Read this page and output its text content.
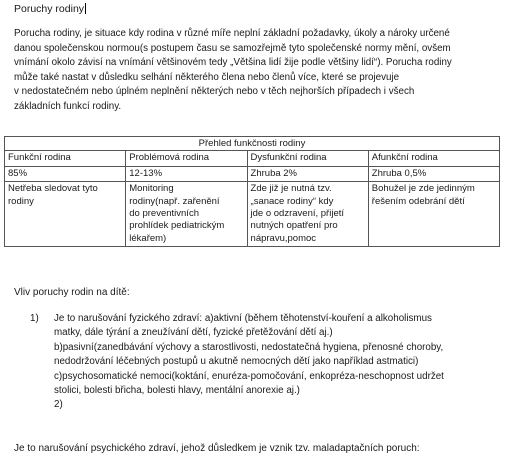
Poruchy rodiny
Porucha rodiny, je situace kdy rodina v různé míře neplní základní požadavky, úkoly a nároky určené
danou společenskou normou(s postupem času se samozřejmě tyto společenské normy mění, ovšem
vnímání okolo závisí na vnímání většinovém tedy „Většina lidí žije podle většiny lidí“). Porucha rodiny
může také nastat v důsledku selhání některého člena nebo členů více, které se projevuje
v nedostatečném nebo úplném neplnění některých nebo v těch nejhorších případech i všech
základních funkcí rodiny.
Přehled funkčnosti rodiny			
Funkční rodina	Problémová rodina	Dysfunkční rodina	Afunkční rodina
85%	12-13%	Zhruba 2%	Zhruba 0,5%

Netřeba sledovat tyto
rodiny	Monitoring
rodiny(např. zařenění
do preventivních
prohlídek pediatrickým
lékařem)	Zde již je nutná tzv.
„sanace rodiny“ kdy
jde o odzravení, přijetí
nutných opatření pro
nápravu,pomoc	Bohužel je zde jedinným
řešením odebrání dětí
Vliv poruchy rodin na dítě:
1) Je to narušování fyzického zdraví: a)aktivní (během těhotenství-kouření a alkoholismus
matky, dále týrání a zneužívání dětí, fyzické přetěžování dětí aj.)
b)pasivní(zanedbávání výchovy a starostlivosti, nedostatečná hygiena, přenosné choroby,
nedodržování léčebných postupů u akutně nemocných dětí jako například astmatici)
c)psychosomatické nemoci(koktání, enuréza-pomočování, enkopréza-neschopnost udržet
stolici, bolesti břicha, bolesti hlavy, mentální anorexie aj.)
2)
Je to narušování psychického zdraví, jehož důsledkem je vznik tzv. maladaptačních poruch:
